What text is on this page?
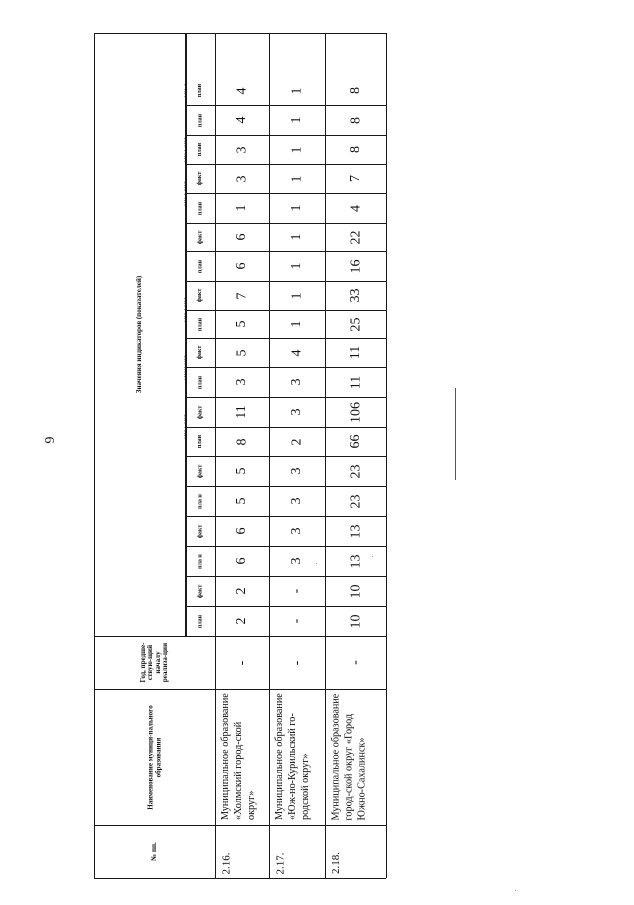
6
№ пп.
Наименование муници-пального образования
Год, предше-ствую-щий началу реализа-ции
Значения индикаторов (показателей)
план
факт
пла н
факт
пла н
факт
план
факт
план
факт
план
факт
план
факт
план
факт
план
план
план
2.16.
Муниципальное образование «Холмский город-ской округ»
-
2
2
6
6
5
5
8
11
3
5
5
7
6
6
1
3
3
4
4
2.17.
Муниципальное образование «Юж-но-Курильский го-родской округ»
-
-
-
3
3
3
3
2
3
3
4
1
1
1
1
1
1
1
1
1
2.18.
Муниципальное образование город-ской округ «Город Южно-Сахалинск»
-
10
10
13
13
23
23
66
106
11
11
25
33
16
22
4
7
8
8
8
